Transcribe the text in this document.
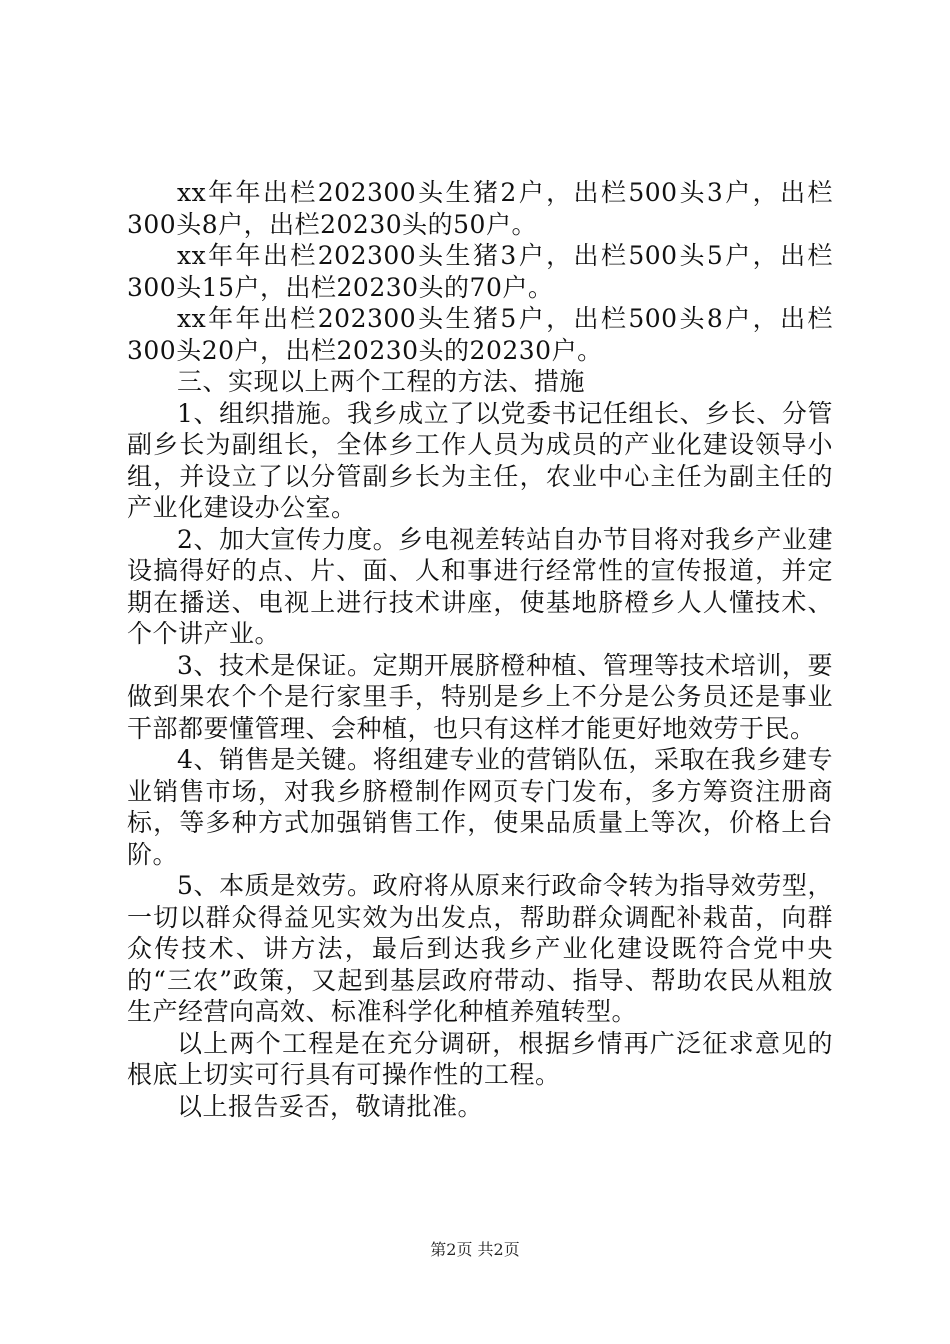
xx年年出栏202300头生猪2户，出栏500头3户，出栏300头8户，出栏20230头的50户。

xx年年出栏202300头生猪3户，出栏500头5户，出栏300头15户，出栏20230头的70户。

xx年年出栏202300头生猪5户，出栏500头8户，出栏300头20户，出栏20230头的20230户。

三、实现以上两个工程的方法、措施

1、组织措施。我乡成立了以党委书记任组长、乡长、分管副乡长为副组长，全体乡工作人员为成员的产业化建设领导小组，并设立了以分管副乡长为主任，农业中心主任为副主任的产业化建设办公室。

2、加大宣传力度。乡电视差转站自办节目将对我乡产业建设搞得好的点、片、面、人和事进行经常性的宣传报道，并定期在播送、电视上进行技术讲座，使基地脐橙乡人人懂技术、个个讲产业。

3、技术是保证。定期开展脐橙种植、管理等技术培训，要做到果农个个是行家里手，特别是乡上不分是公务员还是事业干部都要懂管理、会种植，也只有这样才能更好地效劳于民。

4、销售是关键。将组建专业的营销队伍，采取在我乡建专业销售市场，对我乡脐橙制作网页专门发布，多方筹资注册商标，等多种方式加强销售工作，使果品质量上等次，价格上台阶。

5、本质是效劳。政府将从原来行政命令转为指导效劳型，一切以群众得益见实效为出发点，帮助群众调配补栽苗，向群众传技术、讲方法，最后到达我乡产业化建设既符合党中央的“三农”政策，又起到基层政府带动、指导、帮助农民从粗放生产经营向高效、标准科学化种植养殖转型。

以上两个工程是在充分调研，根据乡情再广泛征求意见的根底上切实可行具有可操作性的工程。

以上报告妥否，敬请批准。

第2页 共2页
